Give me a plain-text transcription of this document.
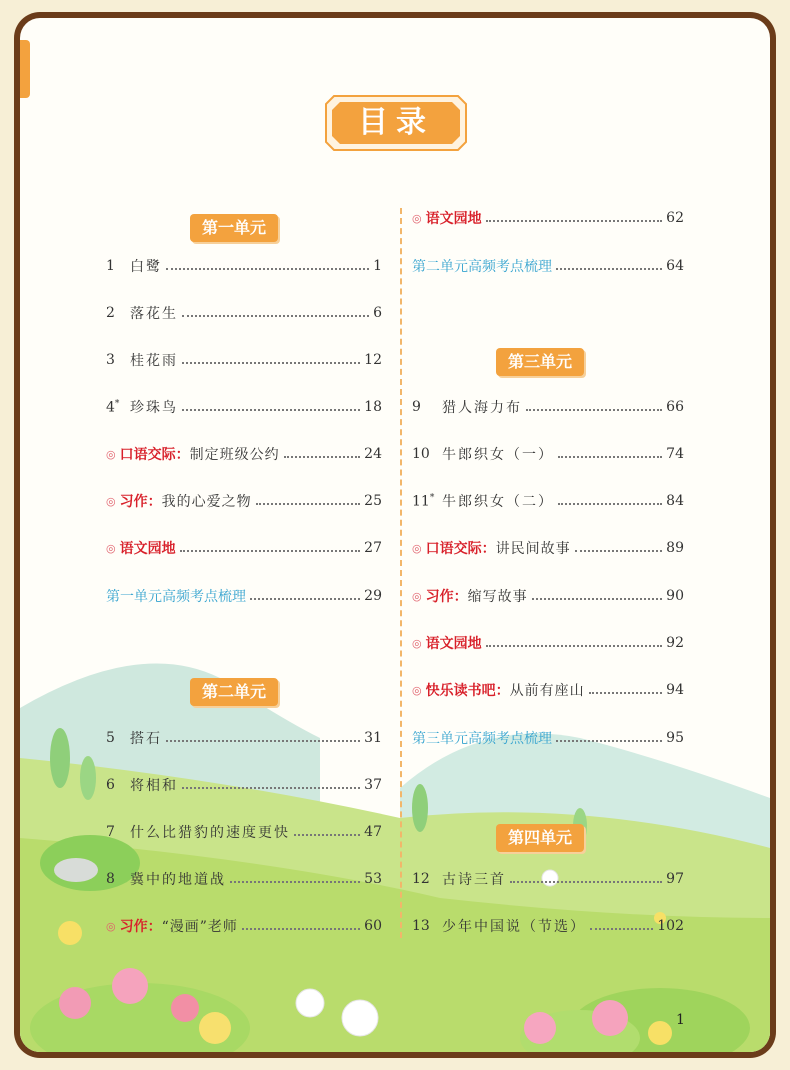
目录
第一单元
1	白鹭	1
2	落花生	6
3	桂花雨	12
4* 珍珠鸟	18
◎ 口语交际： 制定班级公约	24
◎ 习作： 我的心爱之物	25
◎ 语文园地	27
第一单元高频考点梳理	29
第二单元
5	搭石	31
6	将相和	37
7	什么比猎豹的速度更快	47
8	冀中的地道战	53
◎ 习作： “漫画”老师	60
◎ 语文园地	62
第二单元高频考点梳理	64
第三单元
9	猎人海力布	66
10 牛郎织女（一）	74
11* 牛郎织女（二）	84
◎ 口语交际： 讲民间故事	89
◎ 习作： 缩写故事	90
◎ 语文园地	92
◎ 快乐读书吧： 从前有座山	94
第三单元高频考点梳理	95
第四单元
12 古诗三首	97
13 少年中国说（节选）	102
1
